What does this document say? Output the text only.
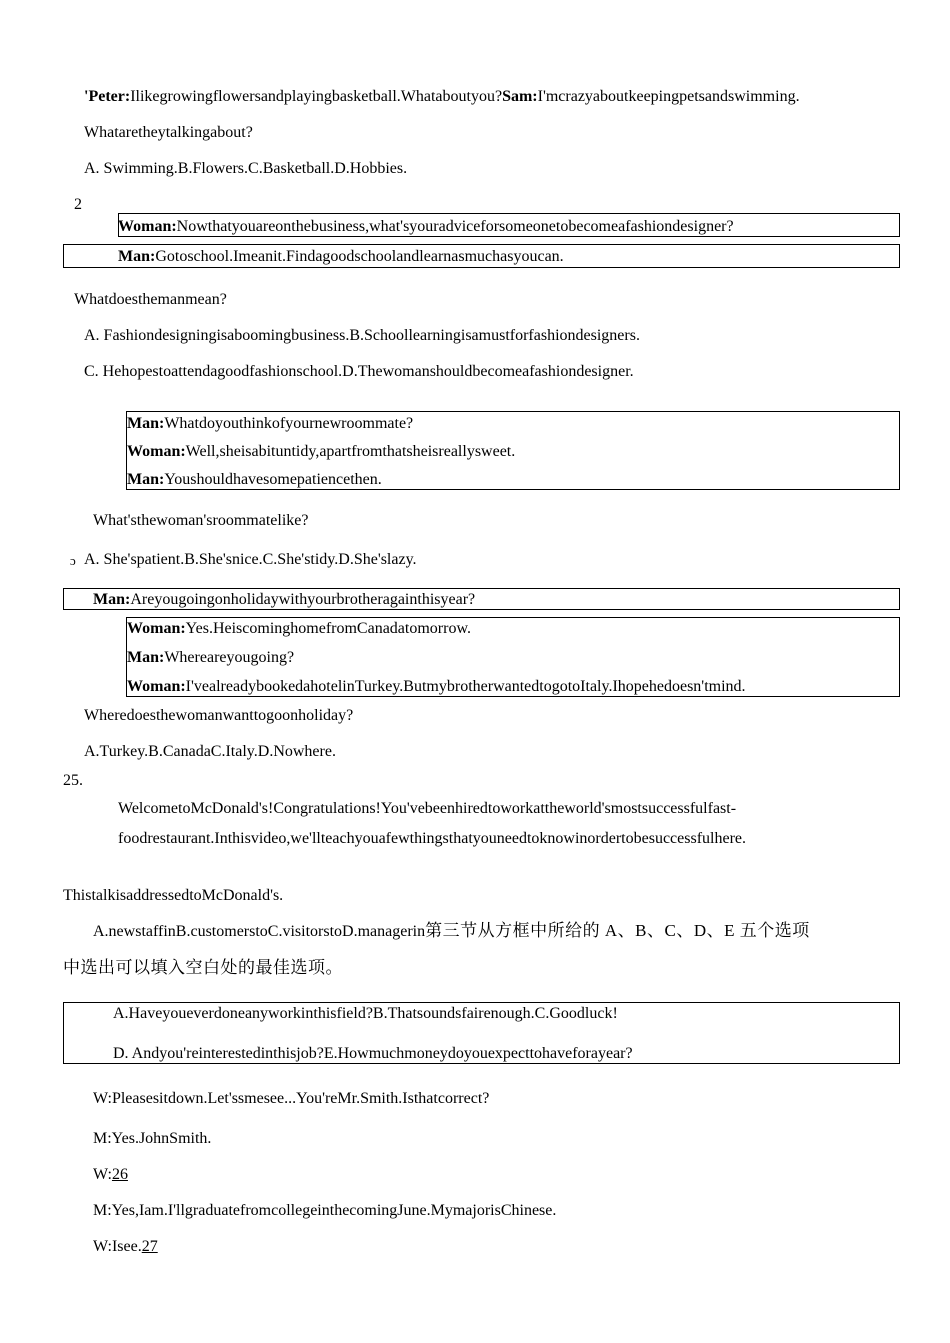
'Peter:Ilikegrowingflowersandplayingbasketball.Whataboutyou?Sam:I'mcrazyaboutkeepingpetsandswimming.
Whataretheytalkingabout?
A. Swimming.B.Flowers.C.Basketball.D.Hobbies.
2
Woman:Nowthatyouareonthebusiness,what'syouradviceforsomeonetobecomeafashiondesigner?
Man:Gotoschool.Imeanit.Findagoodschoolandlearnasmuchasyoucan.
Whatdoesthemanmean?
A. Fashiondesigningisaboomingbusiness.B.Schoollearningisamustforfashiondesigners.
C. Hehopestoattendagoodfashionschool.D.Thewomanshouldbecomeafashiondesigner.
Man:Whatdoyouthinkofyournewroommate?
Woman:Well,sheisabituntidy,apartfromthatsheisreallysweet.
Man:Youshouldhavesomepatiencethen.
What'sthewoman'sroommatelike?
ɔ A. She'spatient.B.She'snice.C.She'stidy.D.She'slazy.
Man:Areyougoingonholidaywithyourbrotheragainthisyear?
Woman:Yes.HeiscominghomefromCanadatomorrow.
Man:Whereareyougoing?
Woman:I'vealreadybookedahotelinTurkey.ButmybrotherwantedtogotoItaly.Ihopehedoesn'tmind.
Wheredoesthewomanwanttogoonholiday?
A.Turkey.B.CanadaC.Italy.D.Nowhere.
25.
WelcometoMcDonald's!Congratulations!You'vebeenhiredtoworkattheworld'smostsuccessfulfast-
foodrestaurant.Inthisvideo,we'llteachyouafewthingsthatyouneedtoknowinordertobesuccessfulhere.
ThistalkisaddressedtoMcDonald's.
A.newstaffinB.customerstoC.visitorstoD.managerin第三节从方框中所给的 A、B、C、D、E 五个选项
中选出可以填入空白处的最佳选项。
A.Haveyoueverdoneanyworkinthisfield?B.Thatsoundsfairenough.C.Goodluck!
D. Andyou'reinterestedinthisjob?E.Howmuchmoneydoyouexpecttohaveforayear?
W:Pleasesitdown.Let'ssmesee...You'reMr.Smith.Isthatcorrect?
M:Yes.JohnSmith.
W:26
M:Yes,Iam.I'llgraduatefromcollegeinthecomingJune.MymajorisChinese.
W:Isee.27
